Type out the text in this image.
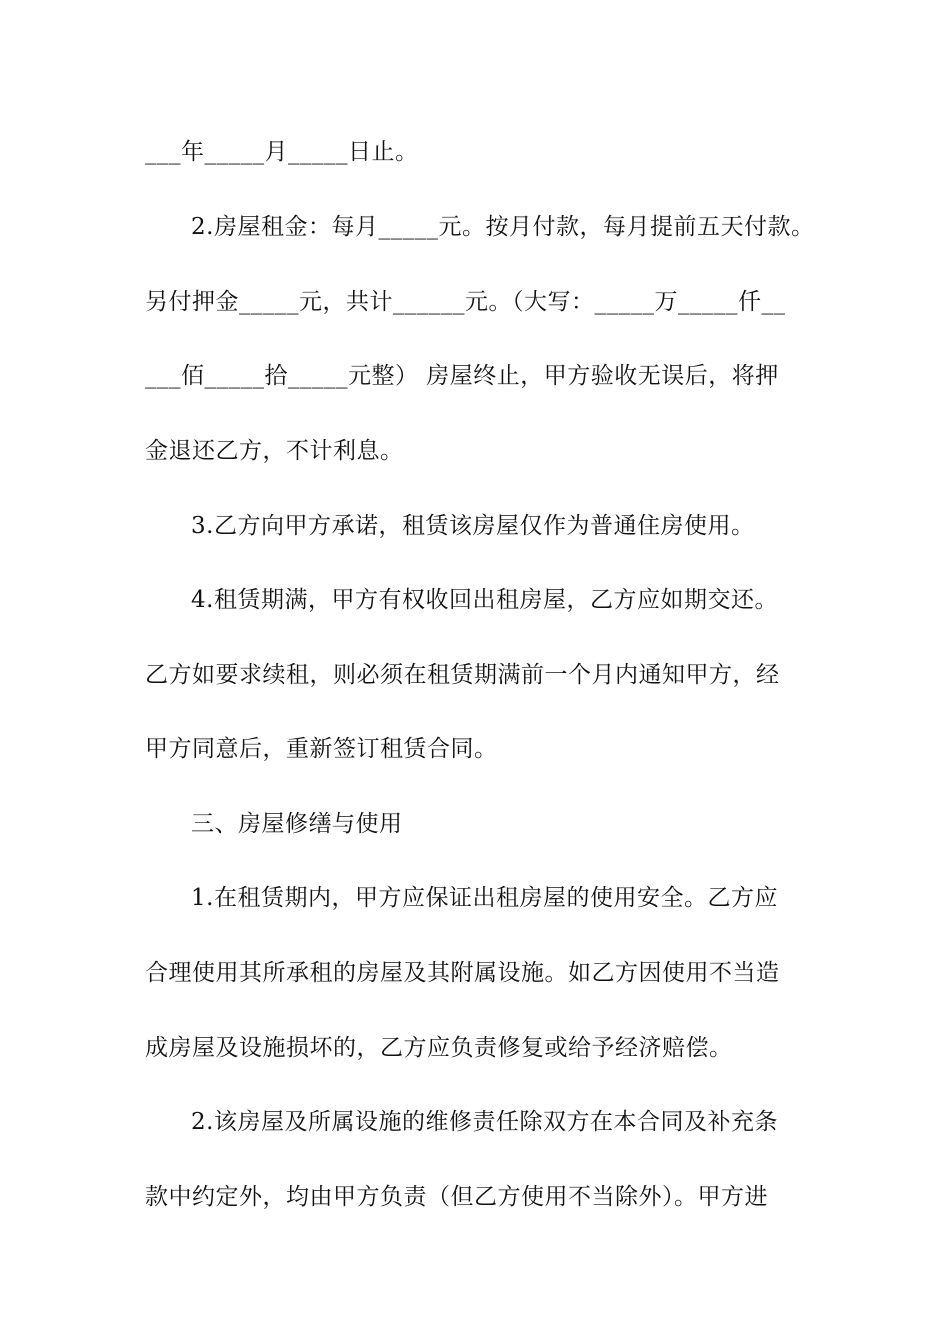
___年_____月_____日止。
2.房屋租金：每月_____元。按月付款，每月提前五天付款。
另付押金_____元，共计______元。（大写：_____万_____仟__
___佰_____拾_____元整） 房屋终止，甲方验收无误后，将押
金退还乙方，不计利息。
3.乙方向甲方承诺，租赁该房屋仅作为普通住房使用。
4.租赁期满，甲方有权收回出租房屋，乙方应如期交还。
乙方如要求续租，则必须在租赁期满前一个月内通知甲方，经
甲方同意后，重新签订租赁合同。
三、房屋修缮与使用
1.在租赁期内，甲方应保证出租房屋的使用安全。乙方应
合理使用其所承租的房屋及其附属设施。如乙方因使用不当造
成房屋及设施损坏的，乙方应负责修复或给予经济赔偿。
2.该房屋及所属设施的维修责任除双方在本合同及补充条
款中约定外，均由甲方负责（但乙方使用不当除外）。甲方进
